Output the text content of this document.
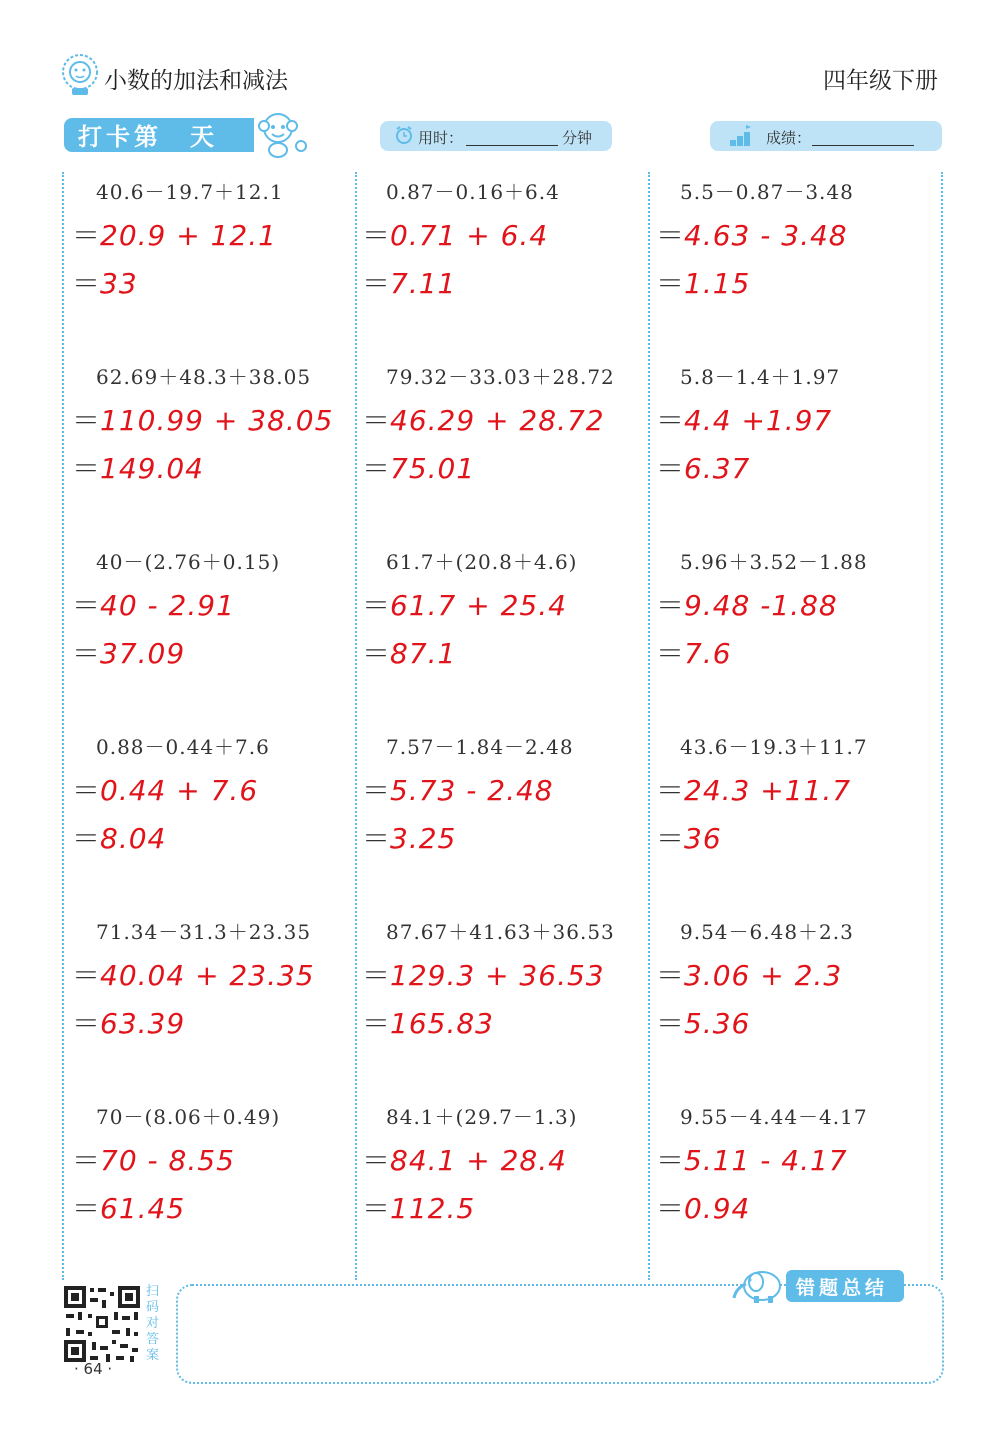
小数的加法和减法	四年级下册
打卡第　天	用时：	分钟	成绩：
40.6－19.7＋12.1
＝20.9 + 12.1
＝33
62.69＋48.3＋38.05
＝110.99 + 38.05
＝149.04
40－(2.76＋0.15)
＝40 - 2.91
＝37.09
0.88－0.44＋7.6
＝0.44 + 7.6
＝8.04
71.34－31.3＋23.35
＝40.04 + 23.35
＝63.39
70－(8.06＋0.49)
＝70 - 8.55
＝61.45
0.87－0.16＋6.4
＝0.71 + 6.4
＝7.11
79.32－33.03＋28.72
＝46.29 + 28.72
＝75.01
61.7＋(20.8＋4.6)
＝61.7 + 25.4
＝87.1
7.57－1.84－2.48
＝5.73 - 2.48
＝3.25
87.67＋41.63＋36.53
＝129.3 + 36.53
＝165.83
84.1＋(29.7－1.3)
＝84.1 + 28.4
＝112.5
5.5－0.87－3.48
＝4.63 - 3.48
＝1.15
5.8－1.4＋1.97
＝4.4 +1.97
＝6.37
5.96＋3.52－1.88
＝9.48 -1.88
＝7.6
43.6－19.3＋11.7
＝24.3 +11.7
＝36
9.54－6.48＋2.3
＝3.06 + 2.3
＝5.36
9.55－4.44－4.17
＝5.11 - 4.17
＝0.94
扫码对答案
· 64 ·
错题总结
